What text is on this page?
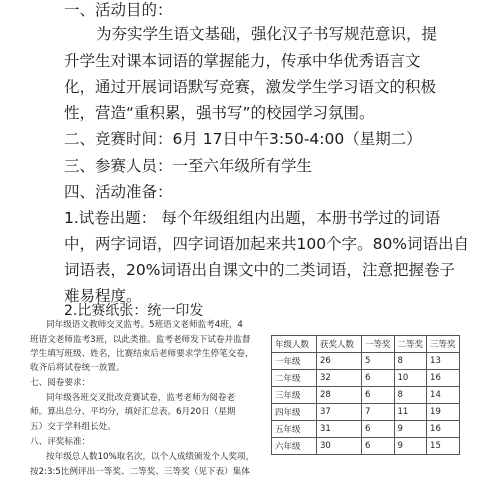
一、活动目的：
为夯实学生语文基础，强化汉子书写规范意识，提
升学生对课本词语的掌握能力，传承中华优秀语言文
化，通过开展词语默写竞赛，激发学生学习语文的积极
性，营造“重积累，强书写”的校园学习氛围。
二、竞赛时间：6月 17日中午3:50-4:00（星期二）
三、参赛人员：一至六年级所有学生
四、活动准备：
1.试卷出题： 每个年级组组内出题，本册书学过的词语
中，两字词语，四字词语加起来共100个字。80%词语出自
词语表，20%词语出自课文中的二类词语，注意把握卷子
难易程度。
2.比赛纸张：统一印发
同年级语文教师交叉监考。5班语文老师监考4班，4
班语文老师监考3班，以此类推。监考老师发下试卷并监督
学生填写班级、姓名，比赛结束后老师要求学生停笔交卷，
收齐后将试卷统一放置。
七、阅卷要求：
同年级各班交叉批改竞赛试卷，监考老师为阅卷老
师。算出总分、平均分，填好汇总表。6月20日（星期
五）交于学科组长处。
八、评奖标准：
按年级总人数10%取名次，以个人成绩颁发个人奖项，
按2:3:5比例评出一等奖、二等奖、三等奖（见下表）集体
年级人数	获奖人数	一等奖	二等奖	三等奖
一年级	26	5	8	13
二年级	32	6	10	16
三年级	28	6	8	14
四年级	37	7	11	19
五年级	31	6	9	16
六年级	30	6	9	15
